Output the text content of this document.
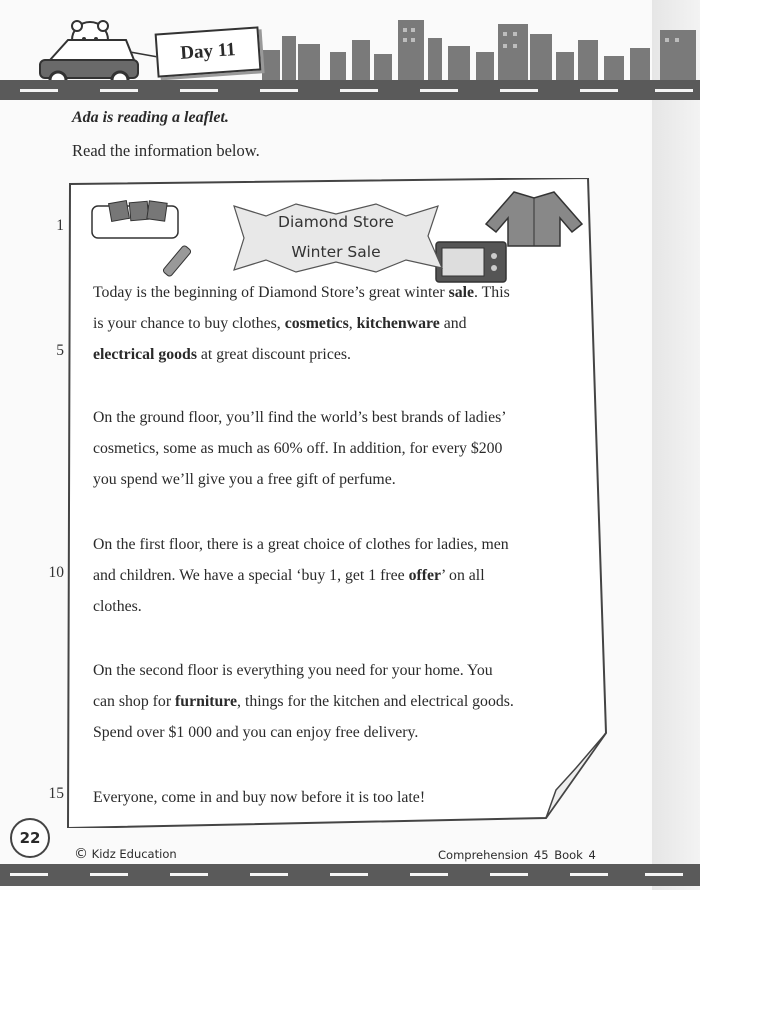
Day 11
Ada is reading a leaflet.
Read the information below.
1
5
10
15
Diamond Store
Winter Sale
Today is the beginning of Diamond Store’s great winter sale. This
is your chance to buy clothes, cosmetics, kitchenware and
electrical goods at great discount prices.
On the ground floor, you’ll find the world’s best brands of ladies’
cosmetics, some as much as 60% off. In addition, for every $200
you spend we’ll give you a free gift of perfume.
On the first floor, there is a great choice of clothes for ladies, men
and children. We have a special ‘buy 1, get 1 free offer’ on all
clothes.
On the second floor is everything you need for your home. You
can shop for furniture, things for the kitchen and electrical goods.
Spend over $1 000 and you can enjoy free delivery.
Everyone, come in and buy now before it is too late!
22
© Kidz Education	Comprehension 45 Book 4
